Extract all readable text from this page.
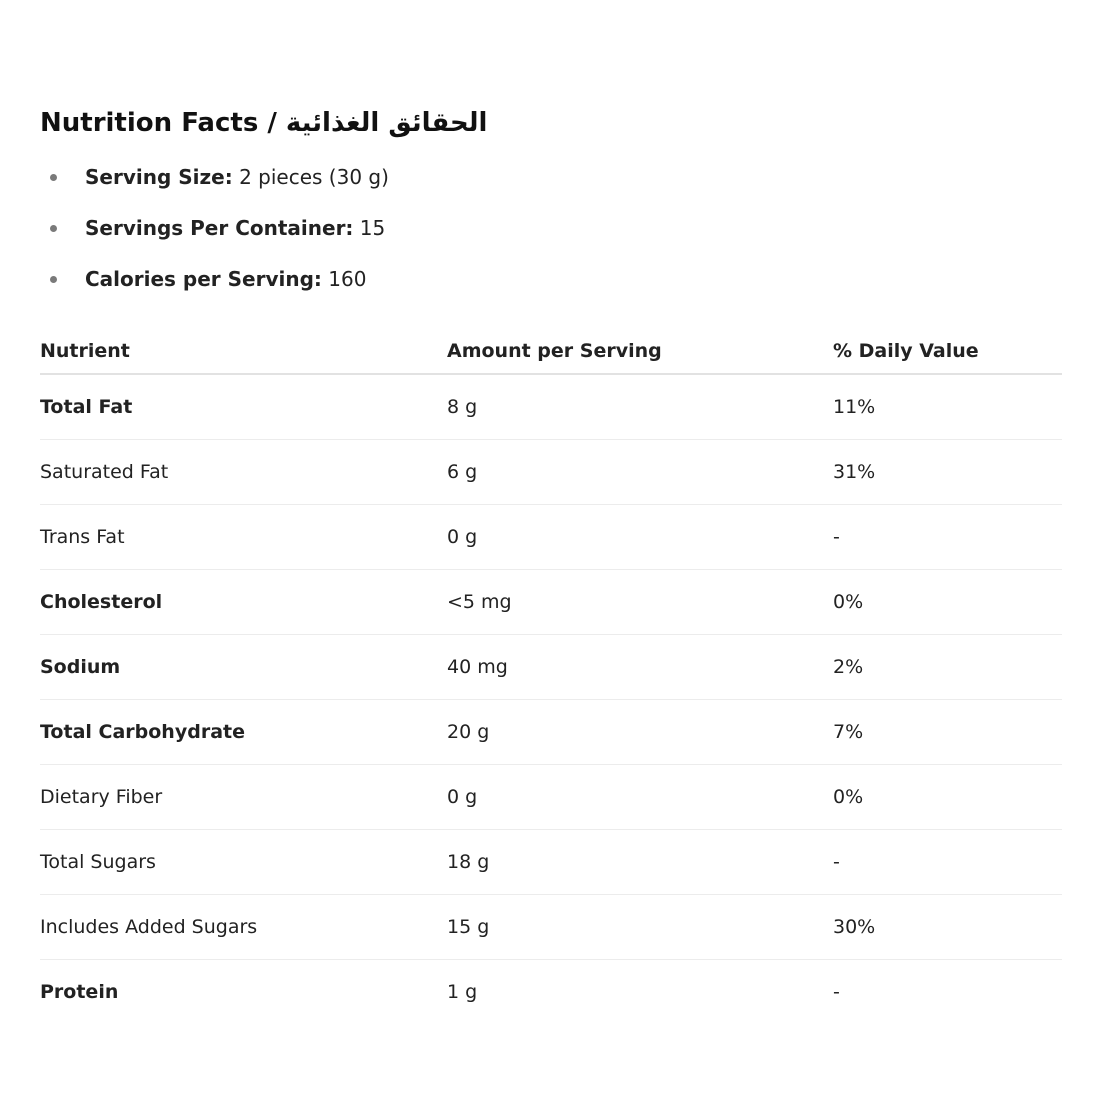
Nutrition Facts / الحقائق الغذائية
Serving Size: 2 pieces (30 g)
Servings Per Container: 15
Calories per Serving: 160
Nutrient	Amount per Serving	% Daily Value
Total Fat	8 g	11%
Saturated Fat	6 g	31%
Trans Fat	0 g	-
Cholesterol	<5 mg	0%
Sodium	40 mg	2%
Total Carbohydrate	20 g	7%
Dietary Fiber	0 g	0%
Total Sugars	18 g	-
Includes Added Sugars	15 g	30%
Protein	1 g	-
